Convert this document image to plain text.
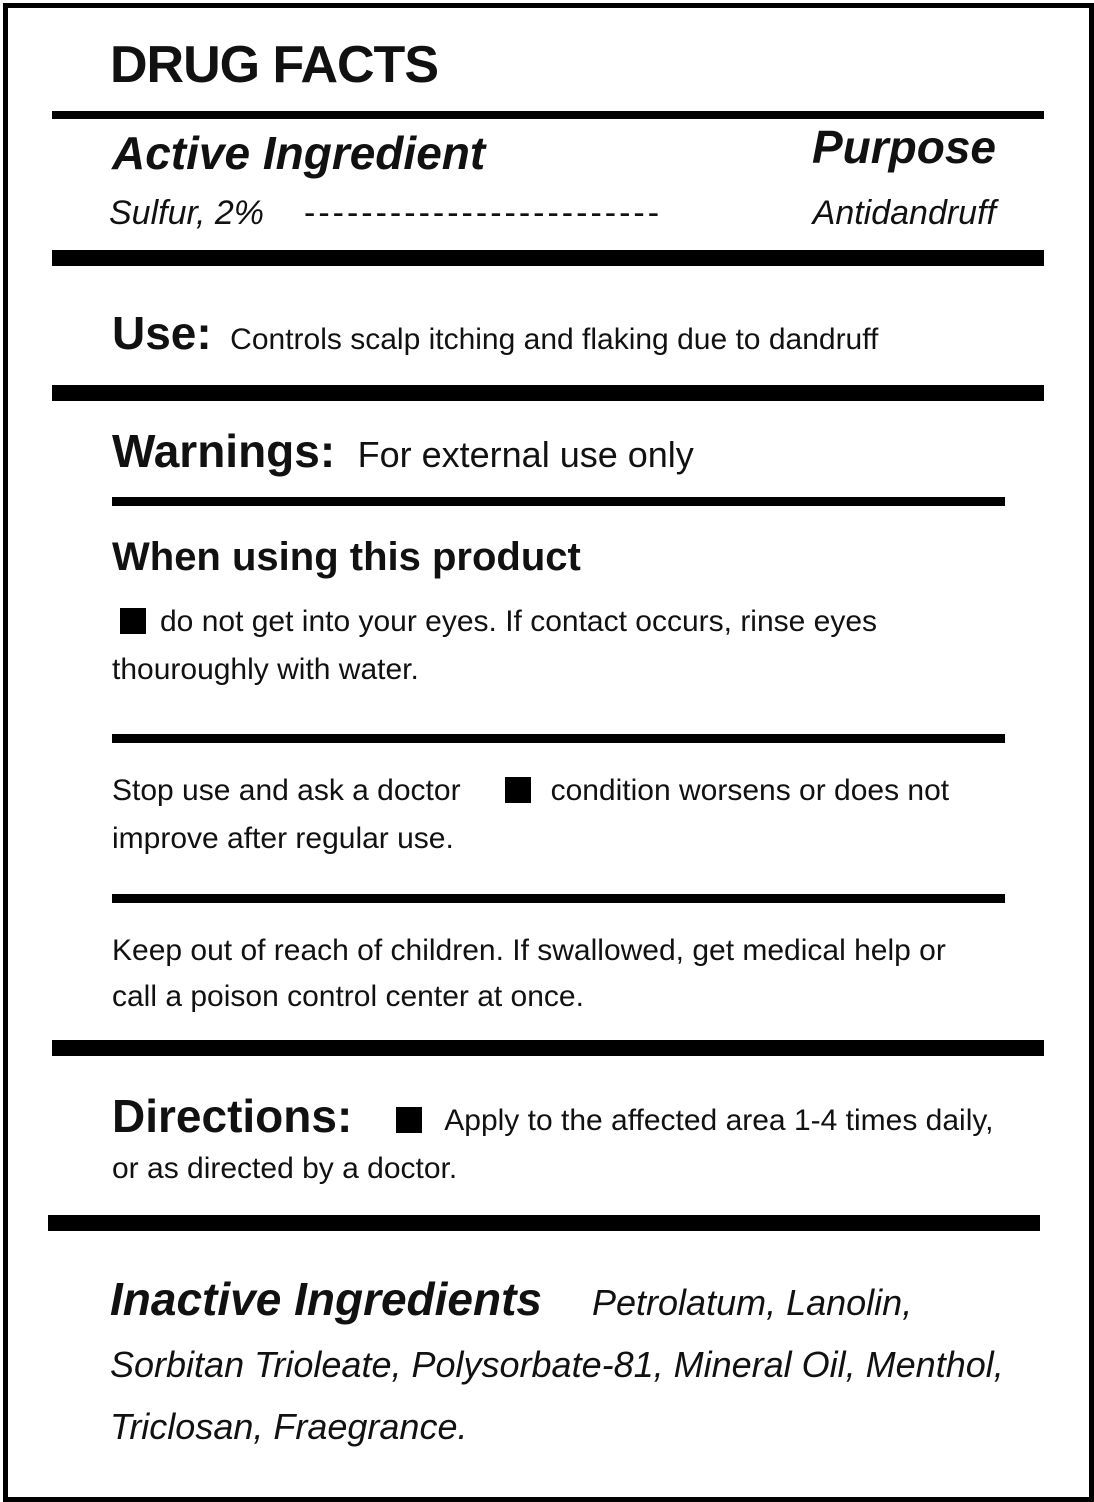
DRUG FACTS
Active Ingredient	Purpose
Sulfur, 2% -------------------------	Antidandruff
Use: Controls scalp itching and flaking due to dandruff
Warnings: For external use only
When using this product
do not get into your eyes. If contact occurs, rinse eyes thouroughly with water.
Stop use and ask a doctor	condition worsens or does not improve after regular use.
Keep out of reach of children. If swallowed, get medical help or call a poison control center at once.
Directions:	Apply to the affected area 1-4 times daily, or as directed by a doctor.
Inactive Ingredients Petrolatum, Lanolin, Sorbitan Trioleate, Polysorbate-81, Mineral Oil, Menthol, Triclosan, Fraegrance.
